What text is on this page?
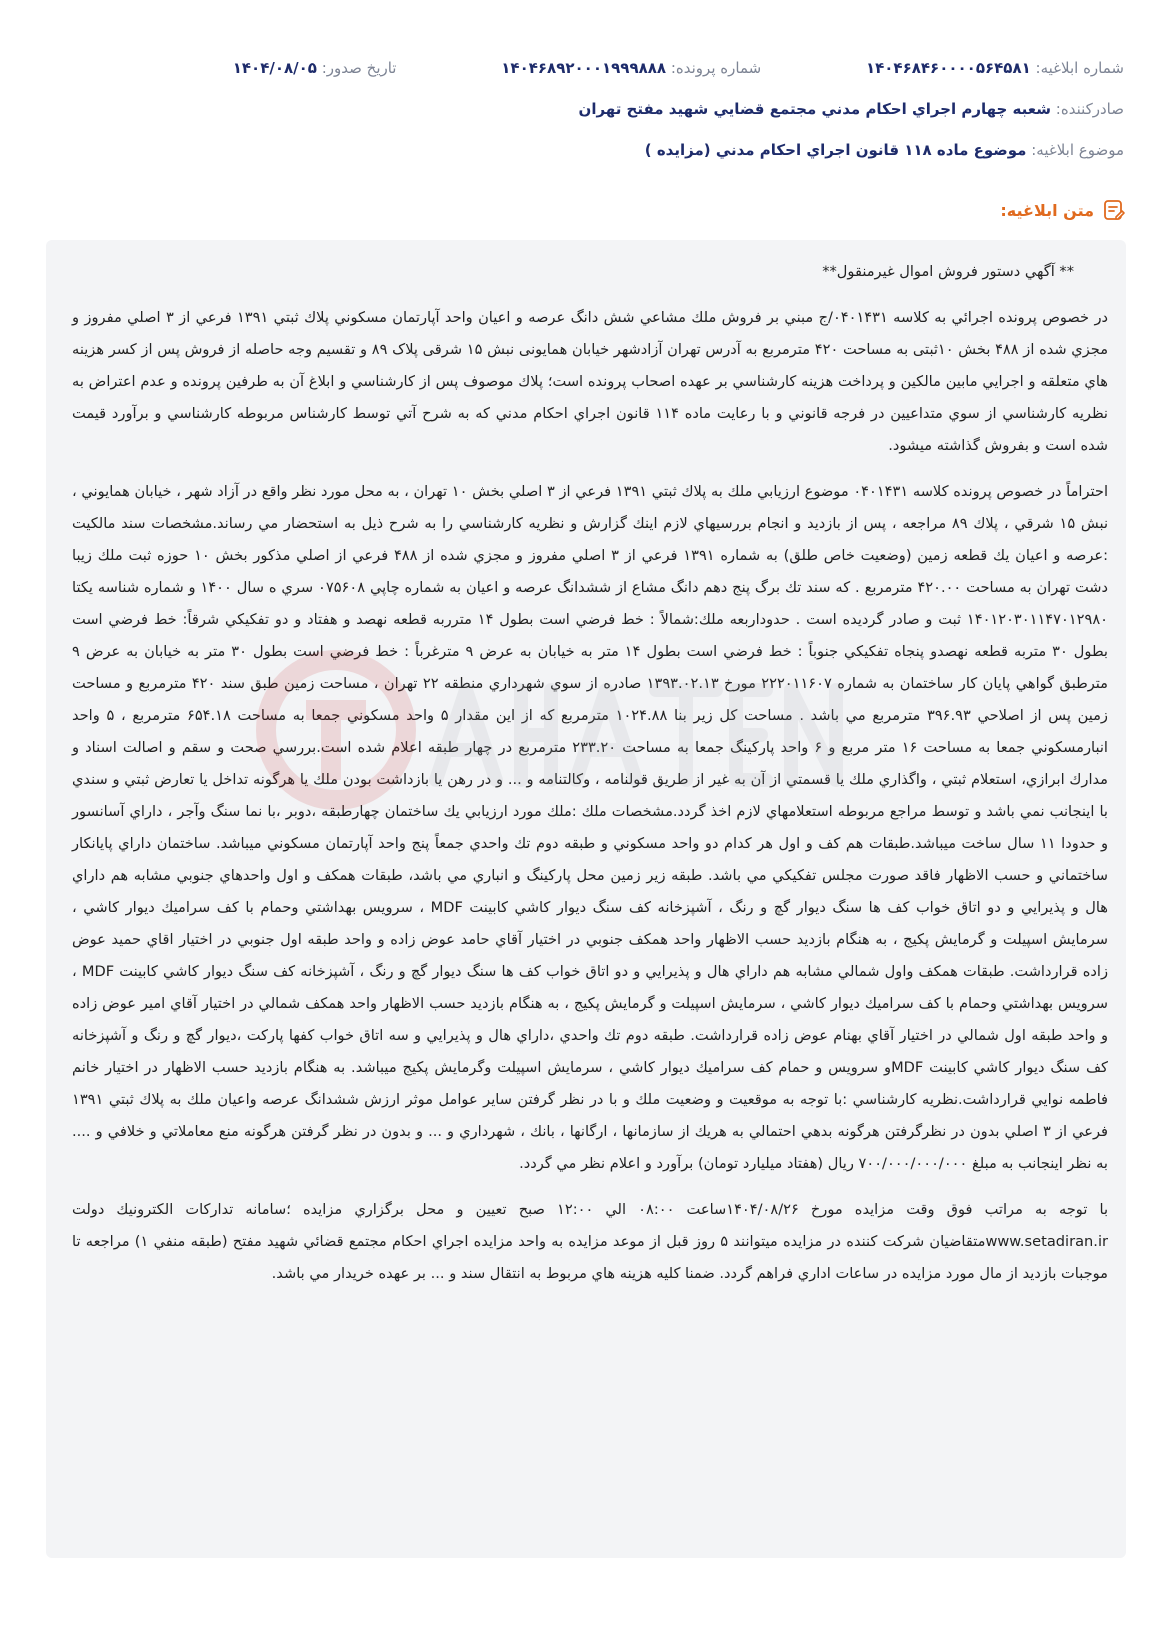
شماره ابلاغيه: ۱۴۰۴۶۸۴۶۰۰۰۰۵۶۴۵۸۱ شماره پرونده: ۱۴۰۴۶۸۹۲۰۰۰۱۹۹۹۸۸۸ تاريخ صدور: ۱۴۰۴/۰۸/۰۵
صادرکننده: شعبه چهارم اجراي احكام مدني مجتمع قضايي شهيد مفتح تهران
موضوع ابلاغيه: موضوع ماده ۱۱۸ قانون اجراي احكام مدني (مزايده )
متن ابلاغيه:

** آگهي دستور فروش اموال غيرمنقول**

در خصوص پرونده اجرائي به كلاسه ۰۴۰۱۴۳۱/ج مبني بر فروش ملك مشاعي شش دانگ عرصه و اعيان واحد آپارتمان مسكوني پلاك ثبتي ۱۳۹۱ فرعي از ۳ اصلي مفروز و مجزي شده از ۴۸۸ بخش ۱۰ثبتی به مساحت ۴۲۰ مترمربع به آدرس تهران آزادشهر خيابان همايونی نبش ۱۵ شرقی پلاک ۸۹ و تقسيم وجه حاصله از فروش پس از كسر هزينه هاي متعلقه و اجرايي مابين مالكين و پرداخت هزينه كارشناسي بر عهده اصحاب پرونده است؛ پلاك موصوف پس از كارشناسي و ابلاغ آن به طرفين پرونده و عدم اعتراض به نظريه كارشناسي از سوي متداعيين در فرجه قانوني و با رعايت ماده ۱۱۴ قانون اجراي احكام مدني كه به شرح آتي توسط كارشناس مربوطه كارشناسي و برآورد قيمت شده است و بفروش گذاشته ميشود.

احتراماً در خصوص پرونده كلاسه ۰۴۰۱۴۳۱ موضوع ارزيابي ملك به پلاك ثبتي ۱۳۹۱ فرعي از ۳ اصلي بخش ۱۰ تهران ، به محل مورد نظر واقع در آزاد شهر ، خيابان همايوني ، نبش ۱۵ شرقي ، پلاك ۸۹ مراجعه ، پس از بازديد و انجام بررسيهاي لازم اينك گزارش و نظريه كارشناسي را به شرح ذيل به استحضار مي رساند.مشخصات سند مالكيت :عرصه و اعيان يك قطعه زمين (وضعيت خاص طلق) به شماره ۱۳۹۱ فرعي از ۳ اصلي مفروز و مجزي شده از ۴۸۸ فرعي از اصلي مذكور بخش ۱۰ حوزه ثبت ملك زيبا دشت تهران به مساحت ۴۲۰.۰۰ مترمربع . كه سند تك برگ پنج دهم دانگ مشاع از ششدانگ عرصه و اعيان به شماره چاپي ۰۷۵۶۰۸ سري ه سال ۱۴۰۰ و شماره شناسه يكتا ۱۴۰۱۲۰۳۰۱۱۴۷۰۱۲۹۸۰ ثبت و صادر گرديده است . حدوداربعه ملك:شمالاً : خط فرضي است بطول ۱۴ مترربه قطعه نهصد و هفتاد و دو تفكيكي شرقاً: خط فرضي است بطول ۳۰ متربه قطعه نهصدو پنجاه تفكيكي جنوباً : خط فرضي است بطول ۱۴ متر به خيابان به عرض ۹ مترغرباً : خط فرضي است بطول ۳۰ متر به خيابان به عرض ۹ مترطبق گواهي پايان كار ساختمان به شماره ۲۲۲۰۱۱۶۰۷ مورخ ۱۳۹۳.۰۲.۱۳ صادره از سوي شهرداري منطقه ۲۲ تهران ، مساحت زمين طبق سند ۴۲۰ مترمربع و مساحت زمين پس از اصلاحي ۳۹۶.۹۳ مترمربع مي باشد . مساحت كل زير بنا ۱۰۲۴.۸۸ مترمربع كه از اين مقدار ۵ واحد مسكوني جمعا به مساحت ۶۵۴.۱۸ مترمربع ، ۵ واحد انبارمسكوني جمعا به مساحت ۱۶ متر مربع و ۶ واحد پاركينگ جمعا به مساحت ۲۳۳.۲۰ مترمربع در چهار طبقه اعلام شده است.بررسي صحت و سقم و اصالت اسناد و مدارك ابرازي، استعلام ثبتي ، واگذاري ملك يا قسمتي از آن به غير از طريق قولنامه ، وكالتنامه و ... و در رهن يا بازداشت بودن ملك يا هرگونه تداخل يا تعارض ثبتي و سندي با اينجانب نمي باشد و توسط مراجع مربوطه استعلامهاي لازم اخذ گردد.مشخصات ملك :ملك مورد ارزيابي يك ساختمان چهارطبقه ،دوبر ،با نما سنگ وآجر ، داراي آسانسور و حدودا ۱۱ سال ساخت ميباشد.طبقات هم كف و اول هر كدام دو واحد مسكوني و طبقه دوم تك واحدي جمعاً پنج واحد آپارتمان مسكوني ميباشد. ساختمان داراي پايانكار ساختماني و حسب الاظهار فاقد صورت مجلس تفكيكي مي باشد. طبقه زير زمين محل پاركينگ و انباري مي باشد، طبقات همكف و اول واحدهاي جنوبي مشابه هم داراي هال و پذيرايي و دو اتاق خواب كف ها سنگ ديوار گچ و رنگ ، آشپزخانه كف سنگ ديوار كاشي كابينت MDF ، سرويس بهداشتي وحمام با كف سراميك ديوار كاشي ، سرمايش اسپيلت و گرمايش پكيج ، به هنگام بازديد حسب الاظهار واحد همكف جنوبي در اختيار آقاي حامد عوض زاده و واحد طبقه اول جنوبي در اختيار اقاي حميد عوض زاده قرارداشت. طبقات همكف واول شمالي مشابه هم داراي هال و پذيرايي و دو اتاق خواب كف ها سنگ ديوار گچ و رنگ ، آشپزخانه كف سنگ ديوار كاشي كابينت MDF ، سرويس بهداشتي وحمام با كف سراميك ديوار كاشي ، سرمايش اسپيلت و گرمايش پكيج ، به هنگام بازديد حسب الاظهار واحد همكف شمالي در اختيار آقاي امير عوض زاده و واحد طبقه اول شمالي در اختيار آقاي بهنام عوض زاده قرارداشت. طبقه دوم تك واحدي ،داراي هال و پذيرايي و سه اتاق خواب كفها پاركت ،ديوار گچ و رنگ و آشپزخانه كف سنگ ديوار كاشي كابينت MDFو سرويس و حمام كف سراميك ديوار كاشي ، سرمايش اسپيلت وگرمايش پكيج ميباشد. به هنگام بازديد حسب الاظهار در اختيار خانم فاطمه نوايي قرارداشت.نظريه كارشناسي :با توجه به موقعيت و وضعيت ملك و با در نظر گرفتن ساير عوامل موثر ارزش ششدانگ عرصه واعيان ملك به پلاك ثبتي ۱۳۹۱ فرعي از ۳ اصلي بدون در نظرگرفتن هرگونه بدهي احتمالي به هريك از سازمانها ، ارگانها ، بانك ، شهرداري و ... و بدون در نظر گرفتن هرگونه منع معاملاتي و خلافي و .... به نظر اينجانب به مبلغ ۷۰۰/۰۰۰/۰۰۰/۰۰۰ ريال (هفتاد ميليارد تومان) برآورد و اعلام نظر مي گردد.

با توجه به مراتب فوق وقت مزايده مورخ ۱۴۰۴/۰۸/۲۶ساعت ۰۸:۰۰ الي ۱۲:۰۰ صبح تعيين و محل برگزاري مزايده ؛سامانه تداركات الكترونيك دولت www.setadiran.irمتقاضيان شركت كننده در مزايده ميتوانند ۵ روز قبل از موعد مزايده به واحد مزايده اجراي احكام مجتمع قضائي شهيد مفتح (طبقه منفي ۱) مراجعه تا موجبات بازديد از مال مورد مزايده در ساعات اداري فراهم گردد. ضمنا كليه هزينه هاي مربوط به انتقال سند و ... بر عهده خريدار مي باشد.
